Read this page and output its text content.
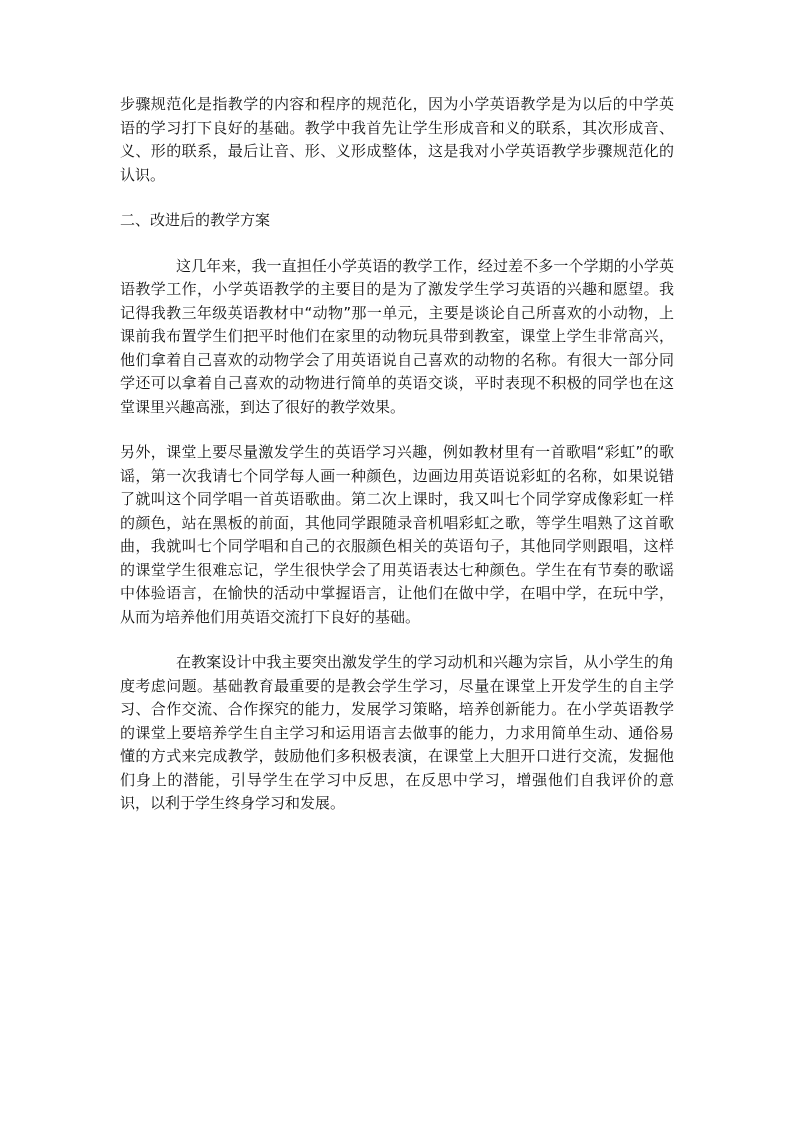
步骤规范化是指教学的内容和程序的规范化，因为小学英语教学是为以后的中学英语的学习打下良好的基础。教学中我首先让学生形成音和义的联系，其次形成音、义、形的联系，最后让音、形、义形成整体，这是我对小学英语教学步骤规范化的认识。

二、改进后的教学方案

这几年来，我一直担任小学英语的教学工作，经过差不多一个学期的小学英语教学工作，小学英语教学的主要目的是为了激发学生学习英语的兴趣和愿望。我记得我教三年级英语教材中“动物”那一单元，主要是谈论自己所喜欢的小动物，上课前我布置学生们把平时他们在家里的动物玩具带到教室，课堂上学生非常高兴，他们拿着自己喜欢的动物学会了用英语说自己喜欢的动物的名称。有很大一部分同学还可以拿着自己喜欢的动物进行简单的英语交谈，平时表现不积极的同学也在这堂课里兴趣高涨，到达了很好的教学效果。

另外，课堂上要尽量激发学生的英语学习兴趣，例如教材里有一首歌唱“彩虹”的歌谣，第一次我请七个同学每人画一种颜色，边画边用英语说彩虹的名称，如果说错了就叫这个同学唱一首英语歌曲。第二次上课时，我又叫七个同学穿成像彩虹一样的颜色，站在黑板的前面，其他同学跟随录音机唱彩虹之歌，等学生唱熟了这首歌曲，我就叫七个同学唱和自己的衣服颜色相关的英语句子，其他同学则跟唱，这样的课堂学生很难忘记，学生很快学会了用英语表达七种颜色。学生在有节奏的歌谣中体验语言，在愉快的活动中掌握语言，让他们在做中学，在唱中学，在玩中学，从而为培养他们用英语交流打下良好的基础。

在教案设计中我主要突出激发学生的学习动机和兴趣为宗旨，从小学生的角度考虑问题。基础教育最重要的是教会学生学习，尽量在课堂上开发学生的自主学习、合作交流、合作探究的能力，发展学习策略，培养创新能力。在小学英语教学的课堂上要培养学生自主学习和运用语言去做事的能力，力求用简单生动、通俗易懂的方式来完成教学，鼓励他们多积极表演，在课堂上大胆开口进行交流，发掘他们身上的潜能，引导学生在学习中反思，在反思中学习，增强他们自我评价的意识，以利于学生终身学习和发展。
